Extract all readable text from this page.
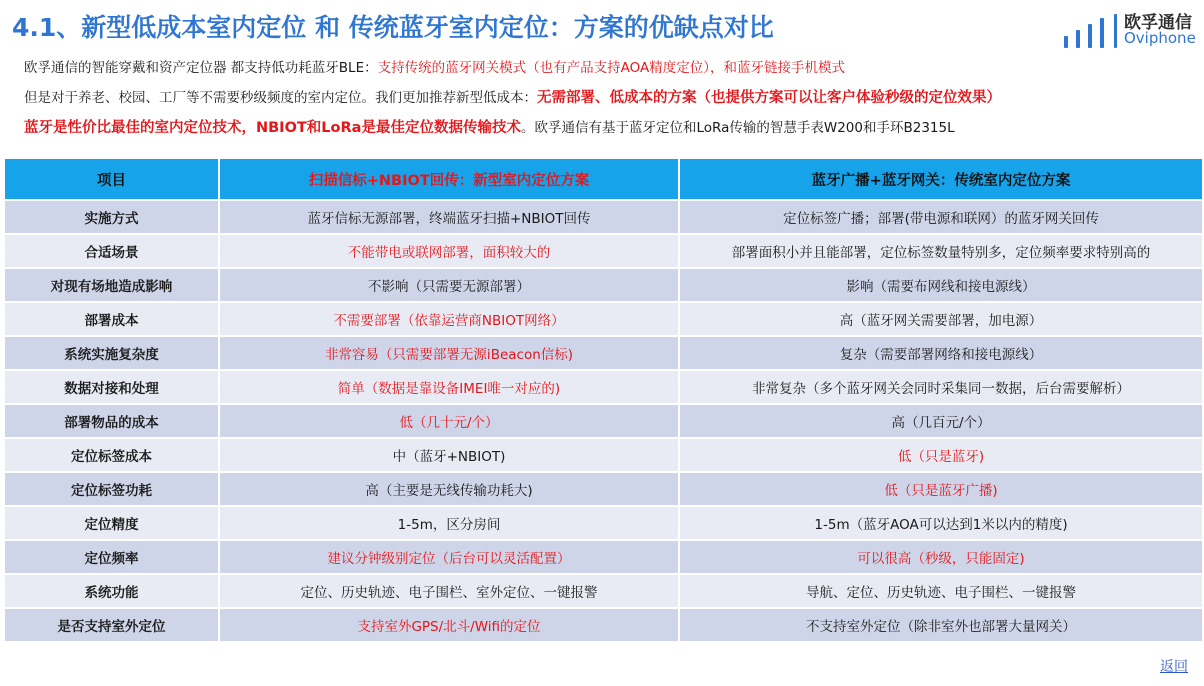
4.1、新型低成本室内定位 和 传统蓝牙室内定位：方案的优缺点对比	欧孚通信
Oviphone
欧孚通信的智能穿戴和资产定位器 都支持低功耗蓝牙BLE：支持传统的蓝牙网关模式（也有产品支持AOA精度定位），和蓝牙链接手机模式
但是对于养老、校园、工厂等不需要秒级频度的室内定位。我们更加推荐新型低成本：无需部署、低成本的方案（也提供方案可以让客户体验秒级的定位效果）
蓝牙是性价比最佳的室内定位技术，NBIOT和LoRa是最佳定位数据传输技术。欧孚通信有基于蓝牙定位和LoRa传输的智慧手表W200和手环B2315L
项目	扫描信标+NBIOT回传：新型室内定位方案	蓝牙广播+蓝牙网关：传统室内定位方案
实施方式	蓝牙信标无源部署，终端蓝牙扫描+NBIOT回传	定位标签广播；部署(带电源和联网）的蓝牙网关回传
合适场景	不能带电或联网部署，面积较大的	部署面积小并且能部署，定位标签数量特别多，定位频率要求特别高的
对现有场地造成影响	不影响（只需要无源部署）	影响（需要布网线和接电源线）
部署成本	不需要部署（依靠运营商NBIOT网络）	高（蓝牙网关需要部署，加电源）
系统实施复杂度	非常容易（只需要部署无源iBeacon信标)	复杂（需要部署网络和接电源线）
数据对接和处理	简单（数据是靠设备IMEI唯一对应的)	非常复杂（多个蓝牙网关会同时采集同一数据，后台需要解析）
部署物品的成本	低（几十元/个）	高（几百元/个）
定位标签成本	中（蓝牙+NBIOT)	低（只是蓝牙)
定位标签功耗	高（主要是无线传输功耗大)	低（只是蓝牙广播)
定位精度	1-5m，区分房间	1-5m（蓝牙AOA可以达到1米以内的精度)
定位频率	建议分钟级别定位（后台可以灵活配置）	可以很高（秒级，只能固定)
系统功能	定位、历史轨迹、电子围栏、室外定位、一键报警	导航、定位、历史轨迹、电子围栏、一键报警
是否支持室外定位	支持室外GPS/北斗/Wifi的定位	不支持室外定位（除非室外也部署大量网关）
返回
